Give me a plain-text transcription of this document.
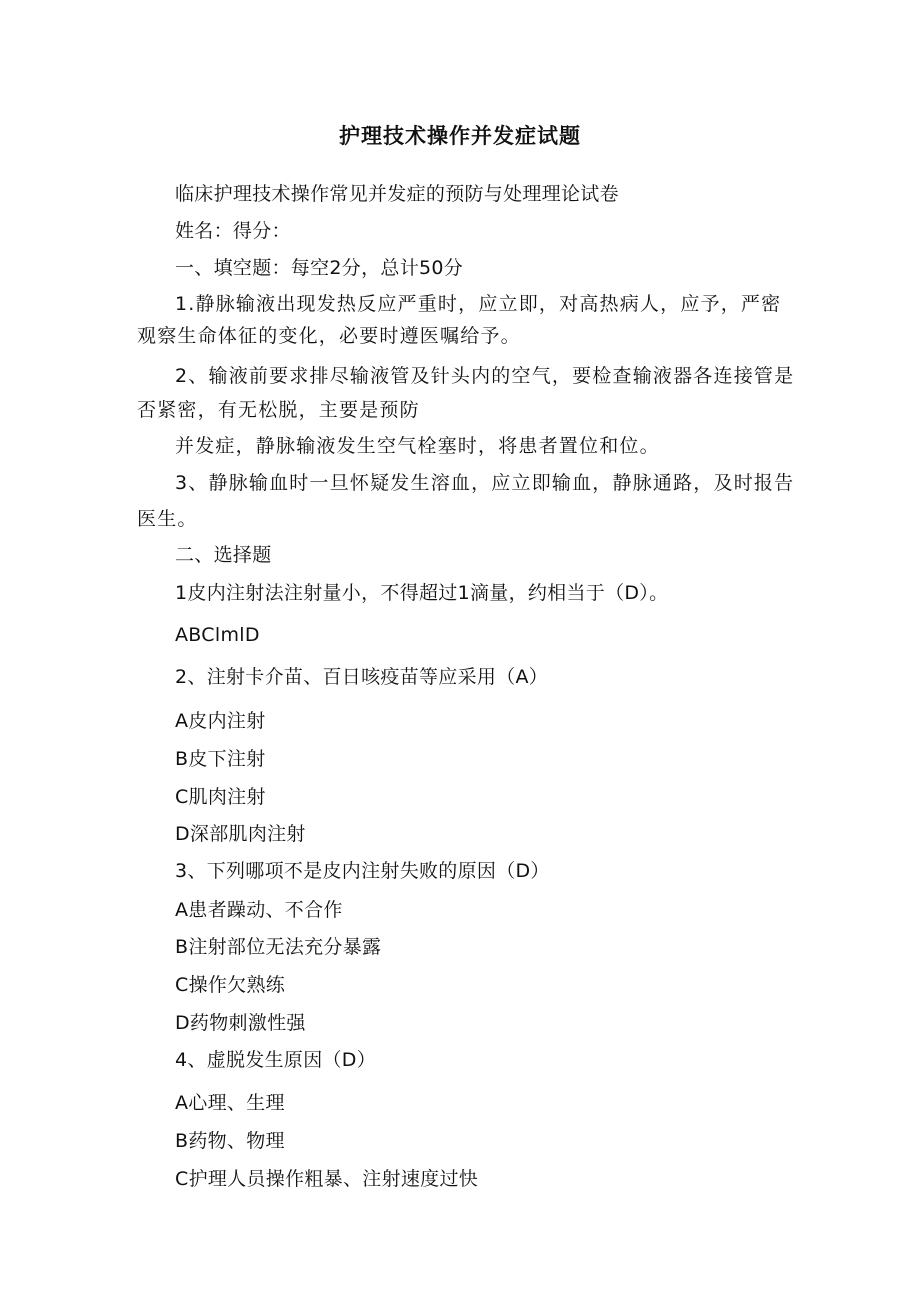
护理技术操作并发症试题
临床护理技术操作常见并发症的预防与处理理论试卷
姓名：得分：
一、填空题：每空2分，总计50分
1.静脉输液出现发热反应严重时，应立即，对高热病人，应予，严密
观察生命体征的变化，必要时遵医嘱给予。
2、输液前要求排尽输液管及针头内的空气，要检查输液器各连接管是
否紧密，有无松脱，主要是预防
并发症，静脉输液发生空气栓塞时，将患者置位和位。
3、静脉输血时一旦怀疑发生溶血，应立即输血，静脉通路，及时报告
医生。
二、选择题
1皮内注射法注射量小，不得超过1滴量，约相当于（D）。
ABClmlD
2、注射卡介苗、百日咳疫苗等应采用（A）
A皮内注射
B皮下注射
C肌肉注射
D深部肌肉注射
3、下列哪项不是皮内注射失败的原因（D）
A患者躁动、不合作
B注射部位无法充分暴露
C操作欠熟练
D药物刺激性强
4、虚脱发生原因（D）
A心理、生理
B药物、物理
C护理人员操作粗暴、注射速度过快
